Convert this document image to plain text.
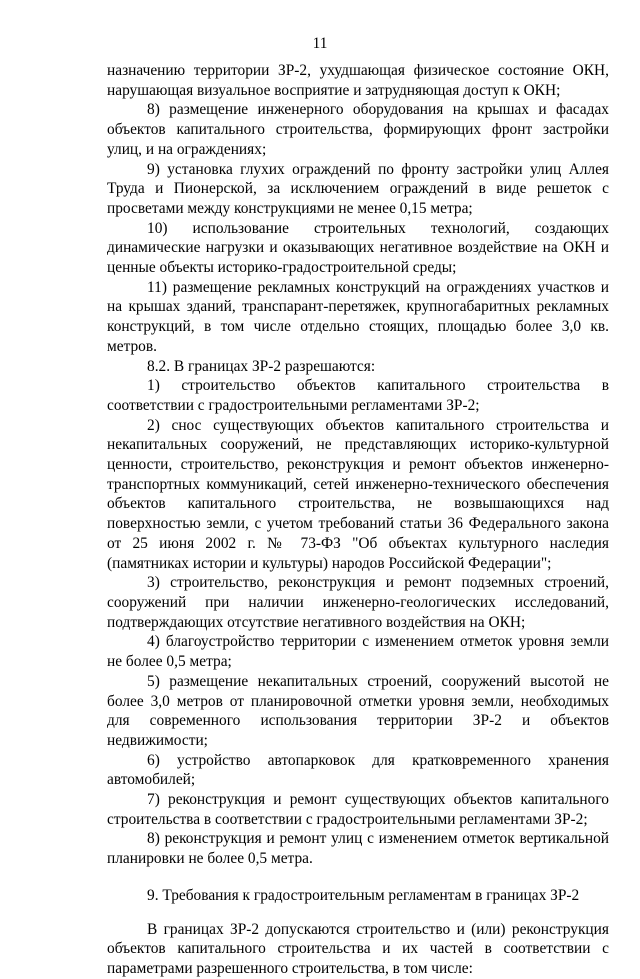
11

назначению территории ЗР-2, ухудшающая физическое состояние ОКН, нарушающая визуальное восприятие и затрудняющая доступ к ОКН;

8) размещение инженерного оборудования на крышах и фасадах объектов капитального строительства, формирующих фронт застройки улиц, и на ограждениях;

9) установка глухих ограждений по фронту застройки улиц Аллея Труда и Пионерской, за исключением ограждений в виде решеток с просветами между конструкциями не менее 0,15 метра;

10) использование строительных технологий, создающих динамические нагрузки и оказывающих негативное воздействие на ОКН и ценные объекты историко-градостроительной среды;

11) размещение рекламных конструкций на ограждениях участков и на крышах зданий, транспарант-перетяжек, крупногабаритных рекламных конструкций, в том числе отдельно стоящих, площадью более 3,0 кв. метров.

8.2. В границах ЗР-2 разрешаются:

1) строительство объектов капитального строительства в соответствии с градостроительными регламентами ЗР-2;

2) снос существующих объектов капитального строительства и некапитальных сооружений, не представляющих историко-культурной ценности, строительство, реконструкция и ремонт объектов инженерно-транспортных коммуникаций, сетей инженерно-технического обеспечения объектов капитального строительства, не возвышающихся над поверхностью земли, с учетом требований статьи 36 Федерального закона от 25 июня 2002 г. № 73-ФЗ "Об объектах культурного наследия (памятниках истории и культуры) народов Российской Федерации";

3) строительство, реконструкция и ремонт подземных строений, сооружений при наличии инженерно-геологических исследований, подтверждающих отсутствие негативного воздействия на ОКН;

4) благоустройство территории с изменением отметок уровня земли не более 0,5 метра;

5) размещение некапитальных строений, сооружений высотой не более 3,0 метров от планировочной отметки уровня земли, необходимых для современного использования территории ЗР-2 и объектов недвижимости;

6) устройство автопарковок для кратковременного хранения автомобилей;

7) реконструкция и ремонт существующих объектов капитального строительства в соответствии с градостроительными регламентами ЗР-2;

8) реконструкция и ремонт улиц с изменением отметок вертикальной планировки не более 0,5 метра.

9. Требования к градостроительным регламентам в границах ЗР-2

В границах ЗР-2 допускаются строительство и (или) реконструкция объектов капитального строительства и их частей в соответствии с параметрами разрешенного строительства, в том числе:
